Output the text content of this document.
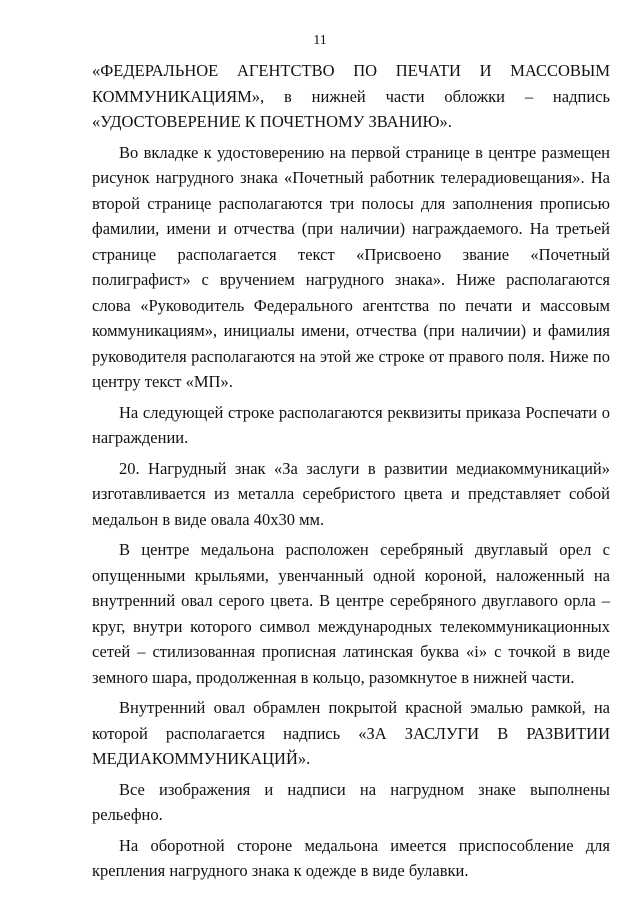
11

«ФЕДЕРАЛЬНОЕ АГЕНТСТВО ПО ПЕЧАТИ И МАССОВЫМ КОММУНИКАЦИЯМ», в нижней части обложки – надпись «УДОСТОВЕРЕНИЕ К ПОЧЕТНОМУ ЗВАНИЮ».

Во вкладке к удостоверению на первой странице в центре размещен рисунок нагрудного знака «Почетный работник телерадиовещания». На второй странице располагаются три полосы для заполнения прописью фамилии, имени и отчества (при наличии) награждаемого. На третьей странице располагается текст «Присвоено звание «Почетный полиграфист» с вручением нагрудного знака». Ниже располагаются слова «Руководитель Федерального агентства по печати и массовым коммуникациям», инициалы имени, отчества (при наличии) и фамилия руководителя располагаются на этой же строке от правого поля. Ниже по центру текст «МП».

На следующей строке располагаются реквизиты приказа Роспечати о награждении.

20. Нагрудный знак «За заслуги в развитии медиакоммуникаций» изготавливается из металла серебристого цвета и представляет собой медальон в виде овала 40х30 мм.

В центре медальона расположен серебряный двуглавый орел с опущенными крыльями, увенчанный одной короной, наложенный на внутренний овал серого цвета. В центре серебряного двуглавого орла – круг, внутри которого символ международных телекоммуникационных сетей – стилизованная прописная латинская буква «i» с точкой в виде земного шара, продолженная в кольцо, разомкнутое в нижней части.

Внутренний овал обрамлен покрытой красной эмалью рамкой, на которой располагается надпись «ЗА ЗАСЛУГИ В РАЗВИТИИ МЕДИАКОММУНИКАЦИЙ».

Все изображения и надписи на нагрудном знаке выполнены рельефно.

На оборотной стороне медальона имеется приспособление для крепления нагрудного знака к одежде в виде булавки.
